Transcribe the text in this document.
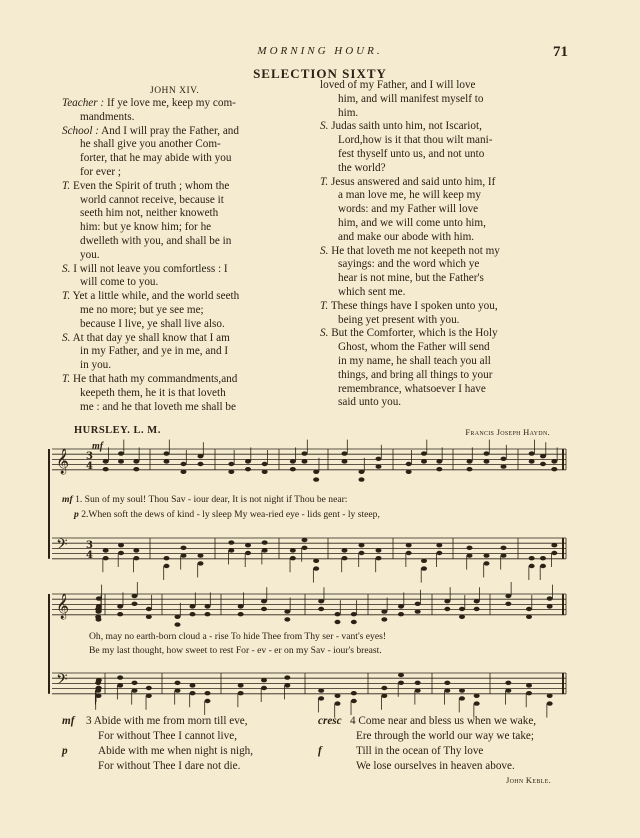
MORNING HOUR.	71
SELECTION SIXTY
JOHN XIV.

Teacher : If ye love me, keep my com-
mandments.

School : And I will pray the Father, and
he shall give you another Com-
forter, that he may abide with you
for ever ;

T. Even the Spirit of truth ; whom the
world cannot receive, because it
seeth him not, neither knoweth
him: but ye know him; for he
dwelleth with you, and shall be in
you.

S. I will not leave you comfortless : I
will come to you.

T. Yet a little while, and the world seeth
me no more; but ye see me;
because I live, ye shall live also.

S. At that day ye shall know that I am
in my Father, and ye in me, and I
in you.

T. He that hath my commandments,and
keepeth them, he it is that loveth
me : and he that loveth me shall be

loved of my Father, and I will love
him, and will manifest myself to
him.

S. Judas saith unto him, not Iscariot,
Lord,how is it that thou wilt mani-
fest thyself unto us, and not unto
the world?

T. Jesus answered and said unto him, If
a man love me, he will keep my
words: and my Father will love
him, and we will come unto him,
and make our abode with him.

S. He that loveth me not keepeth not my
sayings: and the word which ye
hear is not mine, but the Father's
which sent me.

T. These things have I spoken unto you,
being yet present with you.

S. But the Comforter, which is the Holy
Ghost, whom the Father will send
in my name, he shall teach you all
things, and bring all things to your
remembrance, whatsoever I have
said unto you.

HURSLEY. L. M.	Francis Joseph Haydn.
𝄞
𝄢
𝄞
𝄢
3
4
3
4
mf
mf 1. Sun of my soul! Thou Sav - iour dear, It is not night if Thou be near:
p 2.When soft the dews of kind - ly sleep My wea-ried eye - lids gent - ly steep,
Oh, may no earth-born cloud a - rise To hide Thee from Thy ser - vant's eyes!
Be my last thought, how sweet to rest For - ev - er on my Sav - iour's breast.
mf 3 Abide with me from morn till eve,
For without Thee I cannot live,
p	Abide with me when night is nigh,
For without Thee I dare not die.
cresc 4 Come near and bless us when we wake,
Ere through the world our way we take;
f	Till in the ocean of Thy love
We lose ourselves in heaven above.
John Keble.
